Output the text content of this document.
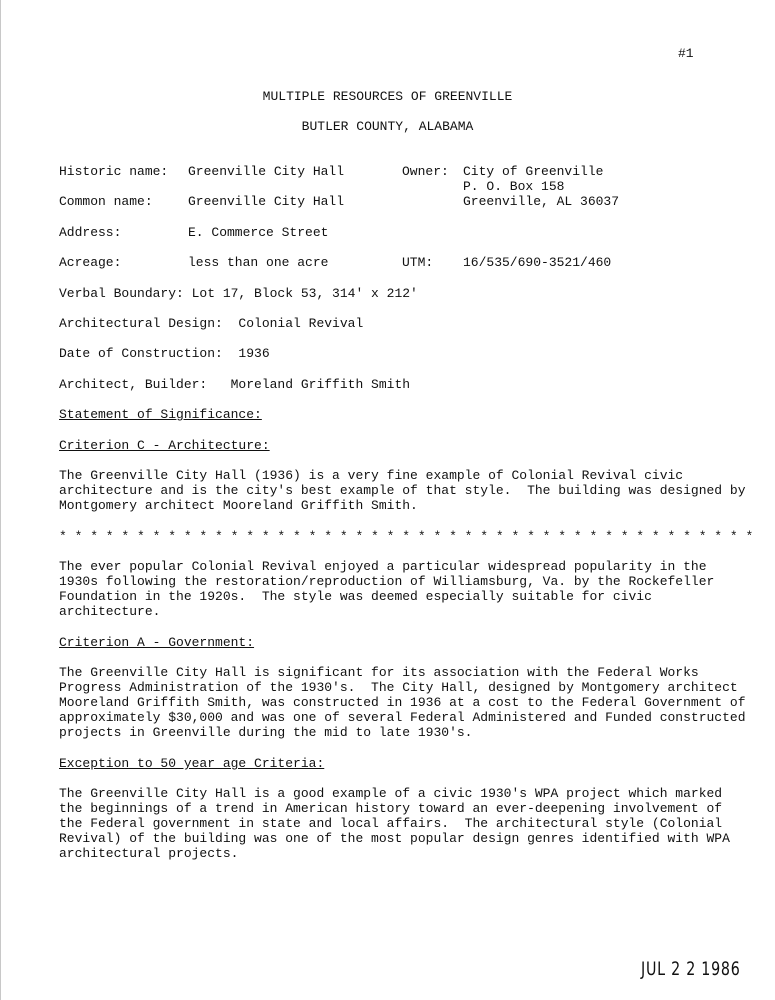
#1
MULTIPLE RESOURCES OF GREENVILLE
BUTLER COUNTY, ALABAMA
Historic name: Greenville City Hall	Owner: City of Greenville
P. O. Box 158
Greenville, AL 36037
Common name:	Greenville City Hall
Address:	E. Commerce Street
Acreage:	less than one acre	UTM: 16/535/690-3521/460
Verbal Boundary: Lot 17, Block 53, 314' x 212'
Architectural Design:  Colonial Revival
Date of Construction:  1936
Architect, Builder:   Moreland Griffith Smith
Statement of Significance:
Criterion C - Architecture:
The Greenville City Hall (1936) is a very fine example of Colonial Revival civic
architecture and is the city's best example of that style.  The building was designed by
Montgomery architect Mooreland Griffith Smith.
* * * * * * * * * * * * * * * * * * * * * * * * * * * * * * * * * * * * * * * * * * * * *
The ever popular Colonial Revival enjoyed a particular widespread popularity in the
1930s following the restoration/reproduction of Williamsburg, Va. by the Rockefeller
Foundation in the 1920s.  The style was deemed especially suitable for civic
architecture.
Criterion A - Government:
The Greenville City Hall is significant for its association with the Federal Works
Progress Administration of the 1930's.  The City Hall, designed by Montgomery architect
Mooreland Griffith Smith, was constructed in 1936 at a cost to the Federal Government of
approximately $30,000 and was one of several Federal Administered and Funded constructed
projects in Greenville during the mid to late 1930's.
Exception to 50 year age Criteria:
The Greenville City Hall is a good example of a civic 1930's WPA project which marked
the beginnings of a trend in American history toward an ever-deepening involvement of
the Federal government in state and local affairs.  The architectural style (Colonial
Revival) of the building was one of the most popular design genres identified with WPA
architectural projects.
JUL 2 2 1986
